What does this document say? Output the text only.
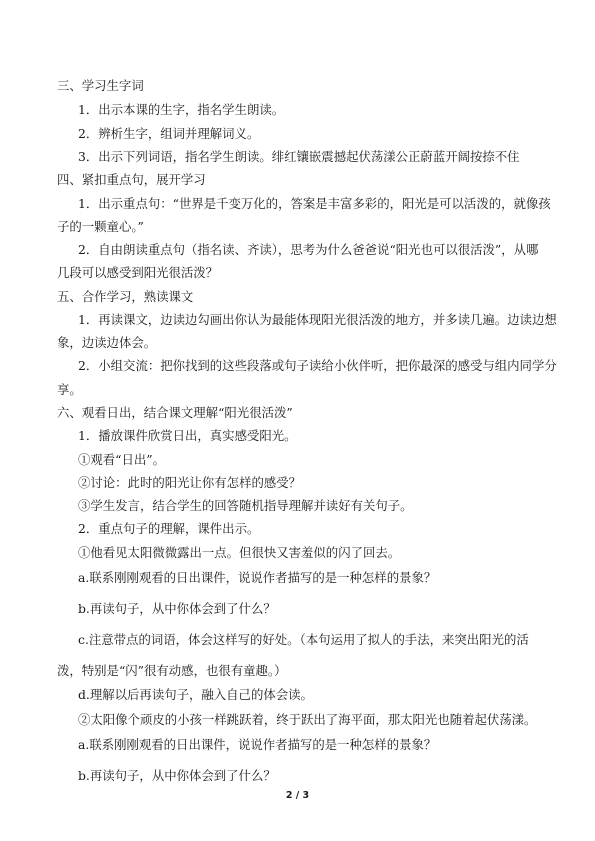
三、学习生字词
1．出示本课的生字，指名学生朗读。
2．辨析生字，组词并理解词义。
3．出示下列词语，指名学生朗读。绯红镶嵌震撼起伏荡漾公正蔚蓝开阔按捺不住
四、紧扣重点句，展开学习
1．出示重点句：“世界是千变万化的，答案是丰富多彩的，阳光是可以活泼的，就像孩
子的一颗童心。”
2．自由朗读重点句（指名读、齐读），思考为什么爸爸说“阳光也可以很活泼”，从哪
几段可以感受到阳光很活泼？
五、合作学习，熟读课文
1．再读课文，边读边勾画出你认为最能体现阳光很活泼的地方，并多读几遍。边读边想
象，边读边体会。
2．小组交流：把你找到的这些段落或句子读给小伙伴听，把你最深的感受与组内同学分
享。
六、观看日出，结合课文理解“阳光很活泼”
1．播放课件欣赏日出，真实感受阳光。
①观看“日出”。
②讨论：此时的阳光让你有怎样的感受？
③学生发言，结合学生的回答随机指导理解并读好有关句子。
2．重点句子的理解，课件出示。
①他看见太阳微微露出一点。但很快又害羞似的闪了回去。
a.联系刚刚观看的日出课件，说说作者描写的是一种怎样的景象？
b.再读句子，从中你体会到了什么？
c.注意带点的词语，体会这样写的好处。（本句运用了拟人的手法，来突出阳光的活
泼，特别是“闪”很有动感，也很有童趣。）
d.理解以后再读句子，融入自己的体会读。
②太阳像个顽皮的小孩一样跳跃着，终于跃出了海平面，那太阳光也随着起伏荡漾。
a.联系刚刚观看的日出课件，说说作者描写的是一种怎样的景象？
b.再读句子，从中你体会到了什么？
2 / 3
